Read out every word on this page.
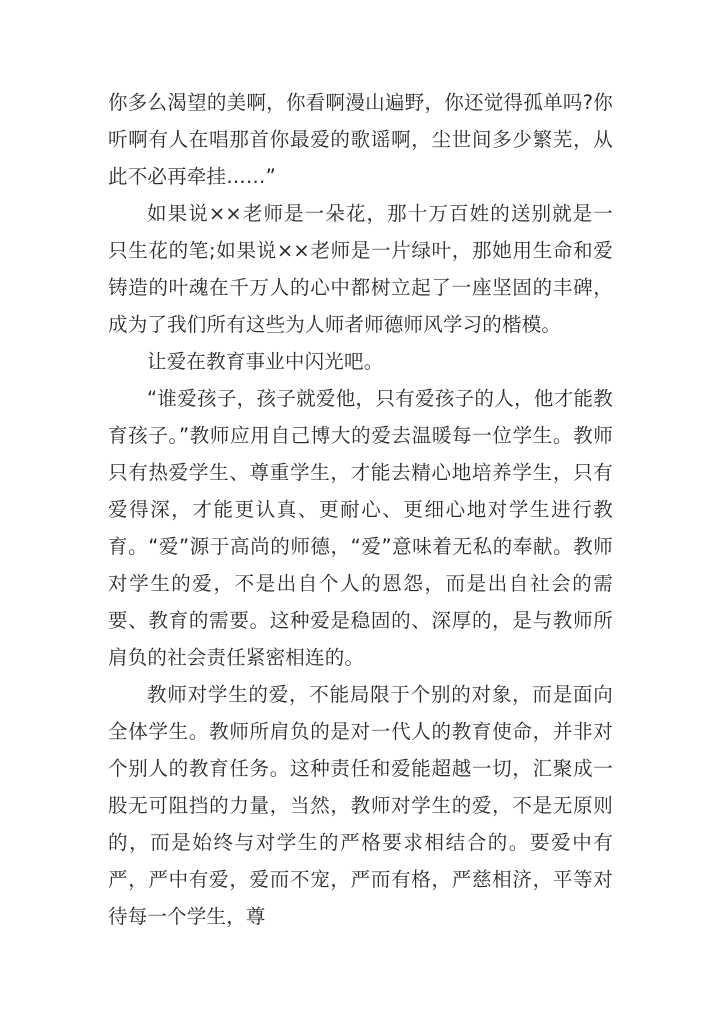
你多么渴望的美啊，你看啊漫山遍野，你还觉得孤单吗?你听啊有人在唱那首你最爱的歌谣啊，尘世间多少繁芜，从此不必再牵挂……”

如果说××老师是一朵花，那十万百姓的送别就是一只生花的笔;如果说××老师是一片绿叶，那她用生命和爱铸造的叶魂在千万人的心中都树立起了一座坚固的丰碑，成为了我们所有这些为人师者师德师风学习的楷模。

让爱在教育事业中闪光吧。

“谁爱孩子，孩子就爱他，只有爱孩子的人，他才能教育孩子。”教师应用自己博大的爱去温暖每一位学生。教师只有热爱学生、尊重学生，才能去精心地培养学生，只有爱得深，才能更认真、更耐心、更细心地对学生进行教育。“爱”源于高尚的师德，“爱”意味着无私的奉献。教师对学生的爱，不是出自个人的恩怨，而是出自社会的需要、教育的需要。这种爱是稳固的、深厚的，是与教师所肩负的社会责任紧密相连的。

教师对学生的爱，不能局限于个别的对象，而是面向全体学生。教师所肩负的是对一代人的教育使命，并非对个别人的教育任务。这种责任和爱能超越一切，汇聚成一股无可阻挡的力量，当然，教师对学生的爱，不是无原则的，而是始终与对学生的严格要求相结合的。要爱中有严，严中有爱，爱而不宠，严而有格，严慈相济，平等对待每一个学生，尊
